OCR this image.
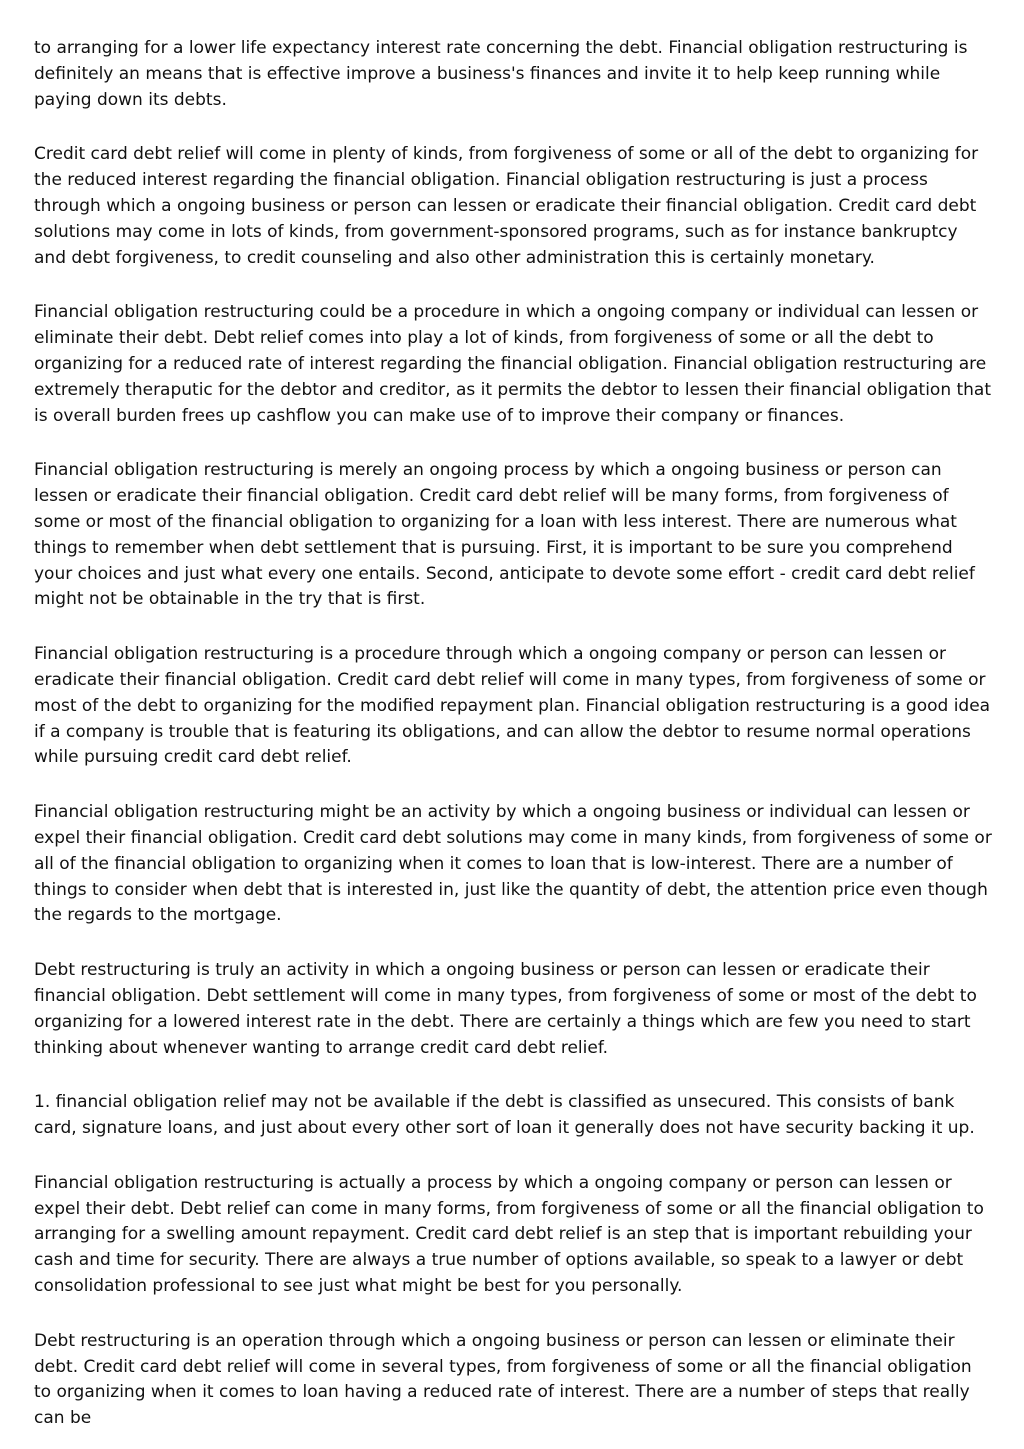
to arranging for a lower life expectancy interest rate concerning the debt. Financial obligation restructuring is definitely an means that is effective improve a business's finances and invite it to help keep running while paying down its debts.

Credit card debt relief will come in plenty of kinds, from forgiveness of some or all of the debt to organizing for the reduced interest regarding the financial obligation. Financial obligation restructuring is just a process through which a ongoing business or person can lessen or eradicate their financial obligation. Credit card debt solutions may come in lots of kinds, from government-sponsored programs, such as for instance bankruptcy and debt forgiveness, to credit counseling and also other administration this is certainly monetary.

Financial obligation restructuring could be a procedure in which a ongoing company or individual can lessen or eliminate their debt. Debt relief comes into play a lot of kinds, from forgiveness of some or all the debt to organizing for a reduced rate of interest regarding the financial obligation. Financial obligation restructuring are extremely theraputic for the debtor and creditor, as it permits the debtor to lessen their financial obligation that is overall burden frees up cashflow you can make use of to improve their company or finances.

Financial obligation restructuring is merely an ongoing process by which a ongoing business or person can lessen or eradicate their financial obligation. Credit card debt relief will be many forms, from forgiveness of some or most of the financial obligation to organizing for a loan with less interest. There are numerous what things to remember when debt settlement that is pursuing. First, it is important to be sure you comprehend your choices and just what every one entails. Second, anticipate to devote some effort - credit card debt relief might not be obtainable in the try that is first.

Financial obligation restructuring is a procedure through which a ongoing company or person can lessen or eradicate their financial obligation. Credit card debt relief will come in many types, from forgiveness of some or most of the debt to organizing for the modified repayment plan. Financial obligation restructuring is a good idea if a company is trouble that is featuring its obligations, and can allow the debtor to resume normal operations while pursuing credit card debt relief.

Financial obligation restructuring might be an activity by which a ongoing business or individual can lessen or expel their financial obligation. Credit card debt solutions may come in many kinds, from forgiveness of some or all of the financial obligation to organizing when it comes to loan that is low-interest. There are a number of things to consider when debt that is interested in, just like the quantity of debt, the attention price even though the regards to the mortgage.

Debt restructuring is truly an activity in which a ongoing business or person can lessen or eradicate their financial obligation. Debt settlement will come in many types, from forgiveness of some or most of the debt to organizing for a lowered interest rate in the debt. There are certainly a things which are few you need to start thinking about whenever wanting to arrange credit card debt relief.

1. financial obligation relief may not be available if the debt is classified as unsecured. This consists of bank card, signature loans, and just about every other sort of loan it generally does not have security backing it up.

Financial obligation restructuring is actually a process by which a ongoing company or person can lessen or expel their debt. Debt relief can come in many forms, from forgiveness of some or all the financial obligation to arranging for a swelling amount repayment. Credit card debt relief is an step that is important rebuilding your cash and time for security. There are always a true number of options available, so speak to a lawyer or debt consolidation professional to see just what might be best for you personally.

Debt restructuring is an operation through which a ongoing business or person can lessen or eliminate their debt. Credit card debt relief will come in several types, from forgiveness of some or all the financial obligation to organizing when it comes to loan having a reduced rate of interest. There are a number of steps that really can be
